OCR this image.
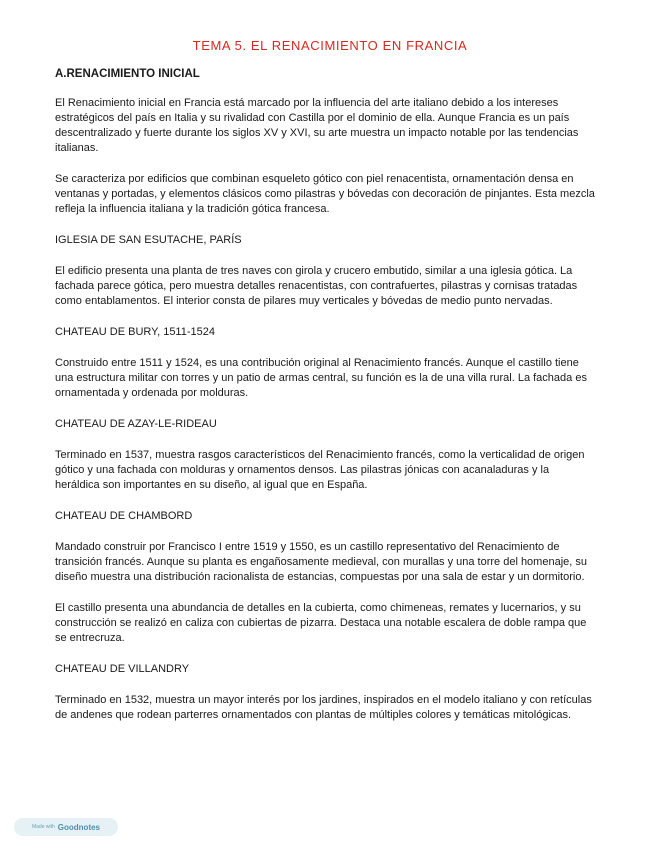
TEMA 5. EL RENACIMIENTO EN FRANCIA
A.RENACIMIENTO INICIAL

El Renacimiento inicial en Francia está marcado por la influencia del arte italiano debido a los intereses estratégicos del país en Italia y su rivalidad con Castilla por el dominio de ella. Aunque Francia es un país descentralizado y fuerte durante los siglos XV y XVI, su arte muestra un impacto notable por las tendencias italianas.

Se caracteriza por edificios que combinan esqueleto gótico con piel renacentista, ornamentación densa en ventanas y portadas, y elementos clásicos como pilastras y bóvedas con decoración de pinjantes. Esta mezcla refleja la influencia italiana y la tradición gótica francesa.

IGLESIA DE SAN ESUTACHE, PARÍS

El edificio presenta una planta de tres naves con girola y crucero embutido, similar a una iglesia gótica. La fachada parece gótica, pero muestra detalles renacentistas, con contrafuertes, pilastras y cornisas tratadas como entablamentos. El interior consta de pilares muy verticales y bóvedas de medio punto nervadas.

CHATEAU DE BURY, 1511-1524

Construido entre 1511 y 1524, es una contribución original al Renacimiento francés. Aunque el castillo tiene una estructura militar con torres y un patio de armas central, su función es la de una villa rural. La fachada es ornamentada y ordenada por molduras.

CHATEAU DE AZAY-LE-RIDEAU

Terminado en 1537, muestra rasgos característicos del Renacimiento francés, como la verticalidad de origen gótico y una fachada con molduras y ornamentos densos. Las pilastras jónicas con acanaladuras y la heráldica son importantes en su diseño, al igual que en España.

CHATEAU DE CHAMBORD

Mandado construir por Francisco I entre 1519 y 1550, es un castillo representativo del Renacimiento de transición francés. Aunque su planta es engañosamente medieval, con murallas y una torre del homenaje, su diseño muestra una distribución racionalista de estancias, compuestas por una sala de estar y un dormitorio.

El castillo presenta una abundancia de detalles en la cubierta, como chimeneas, remates y lucernarios, y su construcción se realizó en caliza con cubiertas de pizarra. Destaca una notable escalera de doble rampa que se entrecruza.

CHATEAU DE VILLANDRY

Terminado en 1532, muestra un mayor interés por los jardines, inspirados en el modelo italiano y con retículas de andenes que rodean parterres ornamentados con plantas de múltiples colores y temáticas mitológicas.

Made with Goodnotes
